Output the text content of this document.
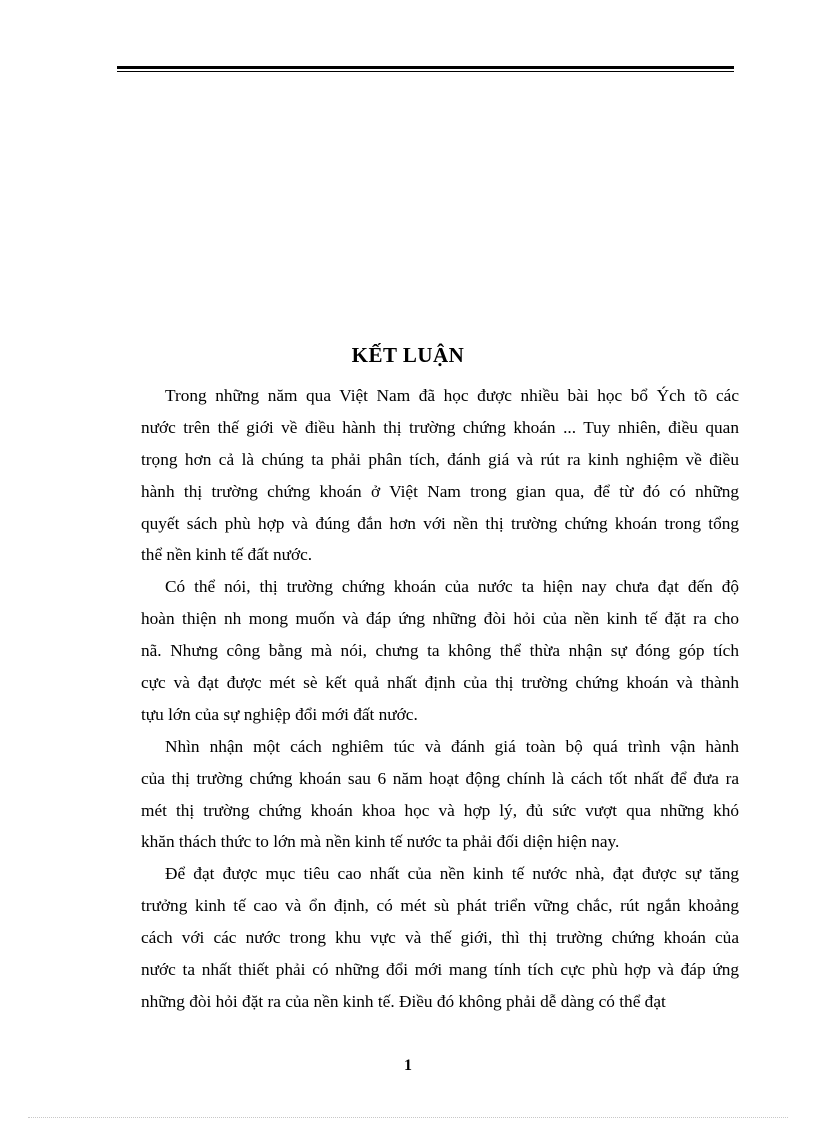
KẾT LUẬN
Trong những năm qua Việt Nam đã học được nhiều bài học bổ Ých tõ các
nước trên thế giới về điều hành thị trường chứng khoán ... Tuy nhiên, điều quan
trọng hơn cả là chúng ta phải phân tích, đánh giá và rút ra kinh nghiệm về điều
hành thị trường chứng khoán ở Việt Nam trong gian qua, để từ đó có những
quyết sách phù hợp và đúng đắn hơn với nền thị trường chứng khoán trong tổng
thể nền kinh tế đất nước.
Có thể nói, thị trường chứng khoán của nước ta hiện nay chưa đạt đến độ
hoàn thiện nh mong muốn và đáp ứng những đòi hỏi của nền kinh tế đặt ra cho
nã. Nhưng công bằng mà nói, chưng ta không thể thừa nhận sự đóng góp tích
cực và đạt được mét sè kết quả nhất định của thị trường chứng khoán và thành
tựu lớn của sự nghiệp đổi mới đất nước.
Nhìn nhận một cách nghiêm túc và đánh giá toàn bộ quá trình vận hành
của thị trường chứng khoán sau 6 năm hoạt động chính là cách tốt nhất để đưa ra
mét thị trường chứng khoán khoa học và hợp lý, đủ sức vượt qua những khó
khăn thách thức to lớn mà nền kinh tế nước ta phải đối diện hiện nay.
Để đạt được mục tiêu cao nhất của nền kinh tế nước nhà, đạt được sự tăng
trưởng kinh tế cao và ổn định, có mét sù phát triển vững chắc, rút ngắn khoảng
cách với các nước trong khu vực và thế giới, thì thị trường chứng khoán của
nước ta nhất thiết phải có những đổi mới mang tính tích cực phù hợp và đáp ứng
những đòi hỏi đặt ra của nền kinh tế. Điều đó không phải dễ dàng có thể đạt
1
